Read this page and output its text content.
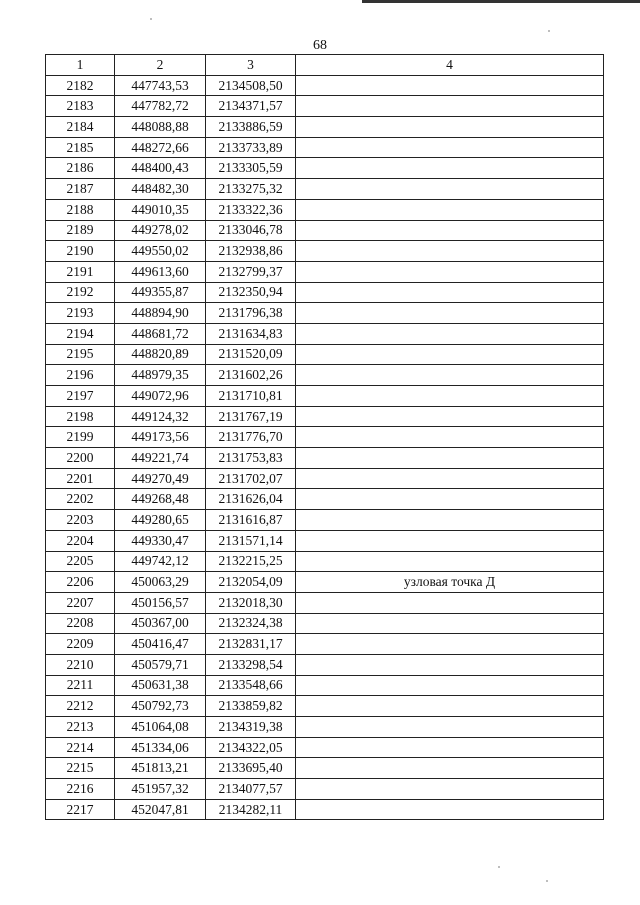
68
1	2	3	4
2182	447743,53	2134508,50	
2183	447782,72	2134371,57	
2184	448088,88	2133886,59	
2185	448272,66	2133733,89	
2186	448400,43	2133305,59	
2187	448482,30	2133275,32	
2188	449010,35	2133322,36	
2189	449278,02	2133046,78	
2190	449550,02	2132938,86	
2191	449613,60	2132799,37	
2192	449355,87	2132350,94	
2193	448894,90	2131796,38	
2194	448681,72	2131634,83	
2195	448820,89	2131520,09	
2196	448979,35	2131602,26	
2197	449072,96	2131710,81	
2198	449124,32	2131767,19	
2199	449173,56	2131776,70	
2200	449221,74	2131753,83	
2201	449270,49	2131702,07	
2202	449268,48	2131626,04	
2203	449280,65	2131616,87	
2204	449330,47	2131571,14	
2205	449742,12	2132215,25	
2206	450063,29	2132054,09	узловая точка Д
2207	450156,57	2132018,30	
2208	450367,00	2132324,38	
2209	450416,47	2132831,17	
2210	450579,71	2133298,54	
2211	450631,38	2133548,66	
2212	450792,73	2133859,82	
2213	451064,08	2134319,38	
2214	451334,06	2134322,05	
2215	451813,21	2133695,40	
2216	451957,32	2134077,57	
2217	452047,81	2134282,11	
